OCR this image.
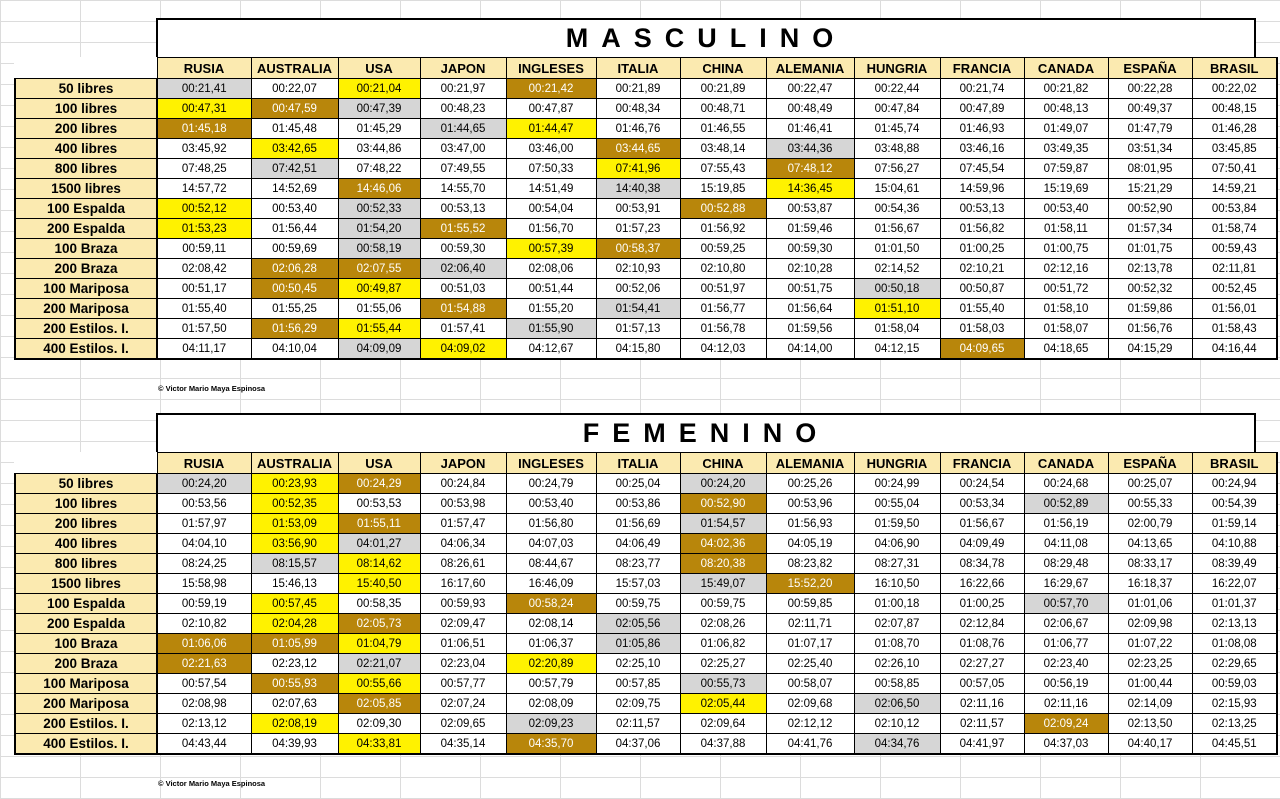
MASCULINO
	RUSIA	AUSTRALIA	USA	JAPON	INGLESES	ITALIA	CHINA	ALEMANIA	HUNGRIA	FRANCIA	CANADA	ESPAÑA	BRASIL
50 libres	00:21,41	00:22,07	00:21,04	00:21,97	00:21,42	00:21,89	00:21,89	00:22,47	00:22,44	00:21,74	00:21,82	00:22,28	00:22,02
100 libres	00:47,31	00:47,59	00:47,39	00:48,23	00:47,87	00:48,34	00:48,71	00:48,49	00:47,84	00:47,89	00:48,13	00:49,37	00:48,15
200 libres	01:45,18	01:45,48	01:45,29	01:44,65	01:44,47	01:46,76	01:46,55	01:46,41	01:45,74	01:46,93	01:49,07	01:47,79	01:46,28
400 libres	03:45,92	03:42,65	03:44,86	03:47,00	03:46,00	03:44,65	03:48,14	03:44,36	03:48,88	03:46,16	03:49,35	03:51,34	03:45,85
800 libres	07:48,25	07:42,51	07:48,22	07:49,55	07:50,33	07:41,96	07:55,43	07:48,12	07:56,27	07:45,54	07:59,87	08:01,95	07:50,41
1500 libres	14:57,72	14:52,69	14:46,06	14:55,70	14:51,49	14:40,38	15:19,85	14:36,45	15:04,61	14:59,96	15:19,69	15:21,29	14:59,21
100 Espalda	00:52,12	00:53,40	00:52,33	00:53,13	00:54,04	00:53,91	00:52,88	00:53,87	00:54,36	00:53,13	00:53,40	00:52,90	00:53,84
200 Espalda	01:53,23	01:56,44	01:54,20	01:55,52	01:56,70	01:57,23	01:56,92	01:59,46	01:56,67	01:56,82	01:58,11	01:57,34	01:58,74
100 Braza	00:59,11	00:59,69	00:58,19	00:59,30	00:57,39	00:58,37	00:59,25	00:59,30	01:01,50	01:00,25	01:00,75	01:01,75	00:59,43
200 Braza	02:08,42	02:06,28	02:07,55	02:06,40	02:08,06	02:10,93	02:10,80	02:10,28	02:14,52	02:10,21	02:12,16	02:13,78	02:11,81
100 Mariposa	00:51,17	00:50,45	00:49,87	00:51,03	00:51,44	00:52,06	00:51,97	00:51,75	00:50,18	00:50,87	00:51,72	00:52,32	00:52,45
200 Mariposa	01:55,40	01:55,25	01:55,06	01:54,88	01:55,20	01:54,41	01:56,77	01:56,64	01:51,10	01:55,40	01:58,10	01:59,86	01:56,01
200 Estilos. I.	01:57,50	01:56,29	01:55,44	01:57,41	01:55,90	01:57,13	01:56,78	01:59,56	01:58,04	01:58,03	01:58,07	01:56,76	01:58,43
400 Estilos. I.	04:11,17	04:10,04	04:09,09	04:09,02	04:12,67	04:15,80	04:12,03	04:14,00	04:12,15	04:09,65	04:18,65	04:15,29	04:16,44
© Victor Mario Maya Espinosa
FEMENINO
	RUSIA	AUSTRALIA	USA	JAPON	INGLESES	ITALIA	CHINA	ALEMANIA	HUNGRIA	FRANCIA	CANADA	ESPAÑA	BRASIL
50 libres	00:24,20	00:23,93	00:24,29	00:24,84	00:24,79	00:25,04	00:24,20	00:25,26	00:24,99	00:24,54	00:24,68	00:25,07	00:24,94
100 libres	00:53,56	00:52,35	00:53,53	00:53,98	00:53,40	00:53,86	00:52,90	00:53,96	00:55,04	00:53,34	00:52,89	00:55,33	00:54,39
200 libres	01:57,97	01:53,09	01:55,11	01:57,47	01:56,80	01:56,69	01:54,57	01:56,93	01:59,50	01:56,67	01:56,19	02:00,79	01:59,14
400 libres	04:04,10	03:56,90	04:01,27	04:06,34	04:07,03	04:06,49	04:02,36	04:05,19	04:06,90	04:09,49	04:11,08	04:13,65	04:10,88
800 libres	08:24,25	08:15,57	08:14,62	08:26,61	08:44,67	08:23,77	08:20,38	08:23,82	08:27,31	08:34,78	08:29,48	08:33,17	08:39,49
1500 libres	15:58,98	15:46,13	15:40,50	16:17,60	16:46,09	15:57,03	15:49,07	15:52,20	16:10,50	16:22,66	16:29,67	16:18,37	16:22,07
100 Espalda	00:59,19	00:57,45	00:58,35	00:59,93	00:58,24	00:59,75	00:59,75	00:59,85	01:00,18	01:00,25	00:57,70	01:01,06	01:01,37
200 Espalda	02:10,82	02:04,28	02:05,73	02:09,47	02:08,14	02:05,56	02:08,26	02:11,71	02:07,87	02:12,84	02:06,67	02:09,98	02:13,13
100 Braza	01:06,06	01:05,99	01:04,79	01:06,51	01:06,37	01:05,86	01:06,82	01:07,17	01:08,70	01:08,76	01:06,77	01:07,22	01:08,08
200 Braza	02:21,63	02:23,12	02:21,07	02:23,04	02:20,89	02:25,10	02:25,27	02:25,40	02:26,10	02:27,27	02:23,40	02:23,25	02:29,65
100 Mariposa	00:57,54	00:55,93	00:55,66	00:57,77	00:57,79	00:57,85	00:55,73	00:58,07	00:58,85	00:57,05	00:56,19	01:00,44	00:59,03
200 Mariposa	02:08,98	02:07,63	02:05,85	02:07,24	02:08,09	02:09,75	02:05,44	02:09,68	02:06,50	02:11,16	02:11,16	02:14,09	02:15,93
200 Estilos. I.	02:13,12	02:08,19	02:09,30	02:09,65	02:09,23	02:11,57	02:09,64	02:12,12	02:10,12	02:11,57	02:09,24	02:13,50	02:13,25
400 Estilos. I.	04:43,44	04:39,93	04:33,81	04:35,14	04:35,70	04:37,06	04:37,88	04:41,76	04:34,76	04:41,97	04:37,03	04:40,17	04:45,51
© Victor Mario Maya Espinosa
